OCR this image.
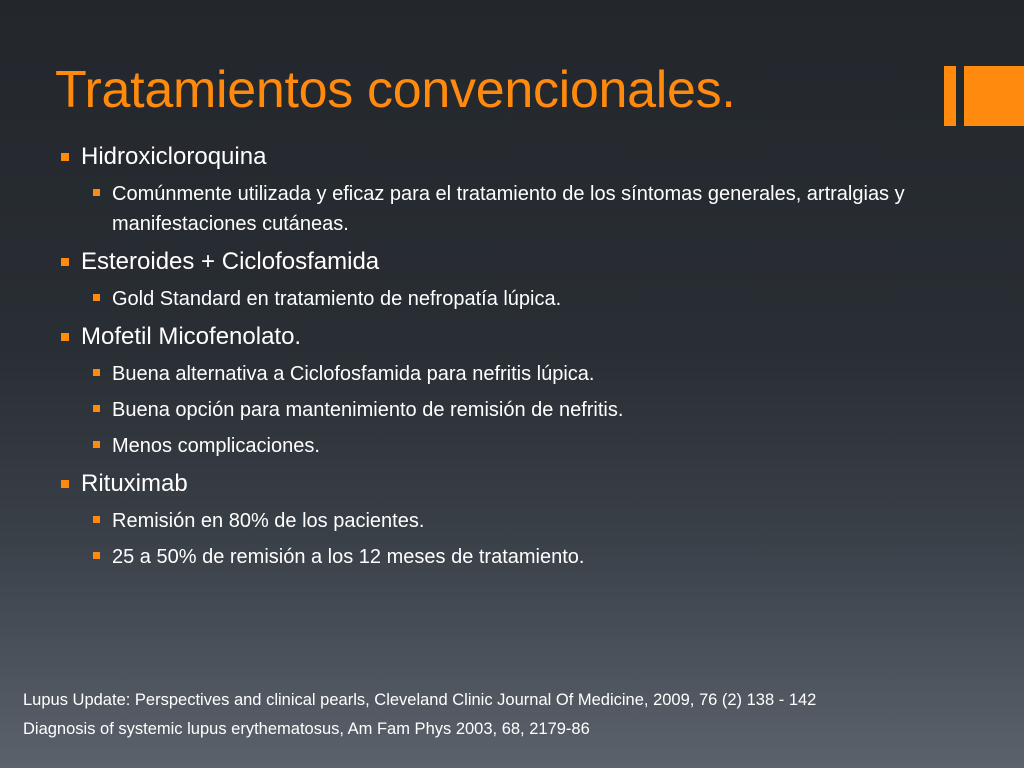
Tratamientos convencionales.
Hidroxicloroquina
Comúnmente utilizada y eficaz para el tratamiento de los síntomas generales, artralgias y manifestaciones cutáneas.
Esteroides + Ciclofosfamida
Gold Standard en tratamiento de nefropatía lúpica.
Mofetil Micofenolato.
Buena alternativa a Ciclofosfamida para nefritis lúpica.
Buena opción para mantenimiento de remisión de nefritis.
Menos complicaciones.
Rituximab
Remisión en 80% de los pacientes.
25 a 50% de remisión a los 12 meses de tratamiento.
Lupus Update: Perspectives and clinical pearls, Cleveland Clinic Journal Of Medicine, 2009, 76 (2) 138 - 142
Diagnosis of systemic lupus erythematosus, Am Fam Phys 2003, 68, 2179-86
